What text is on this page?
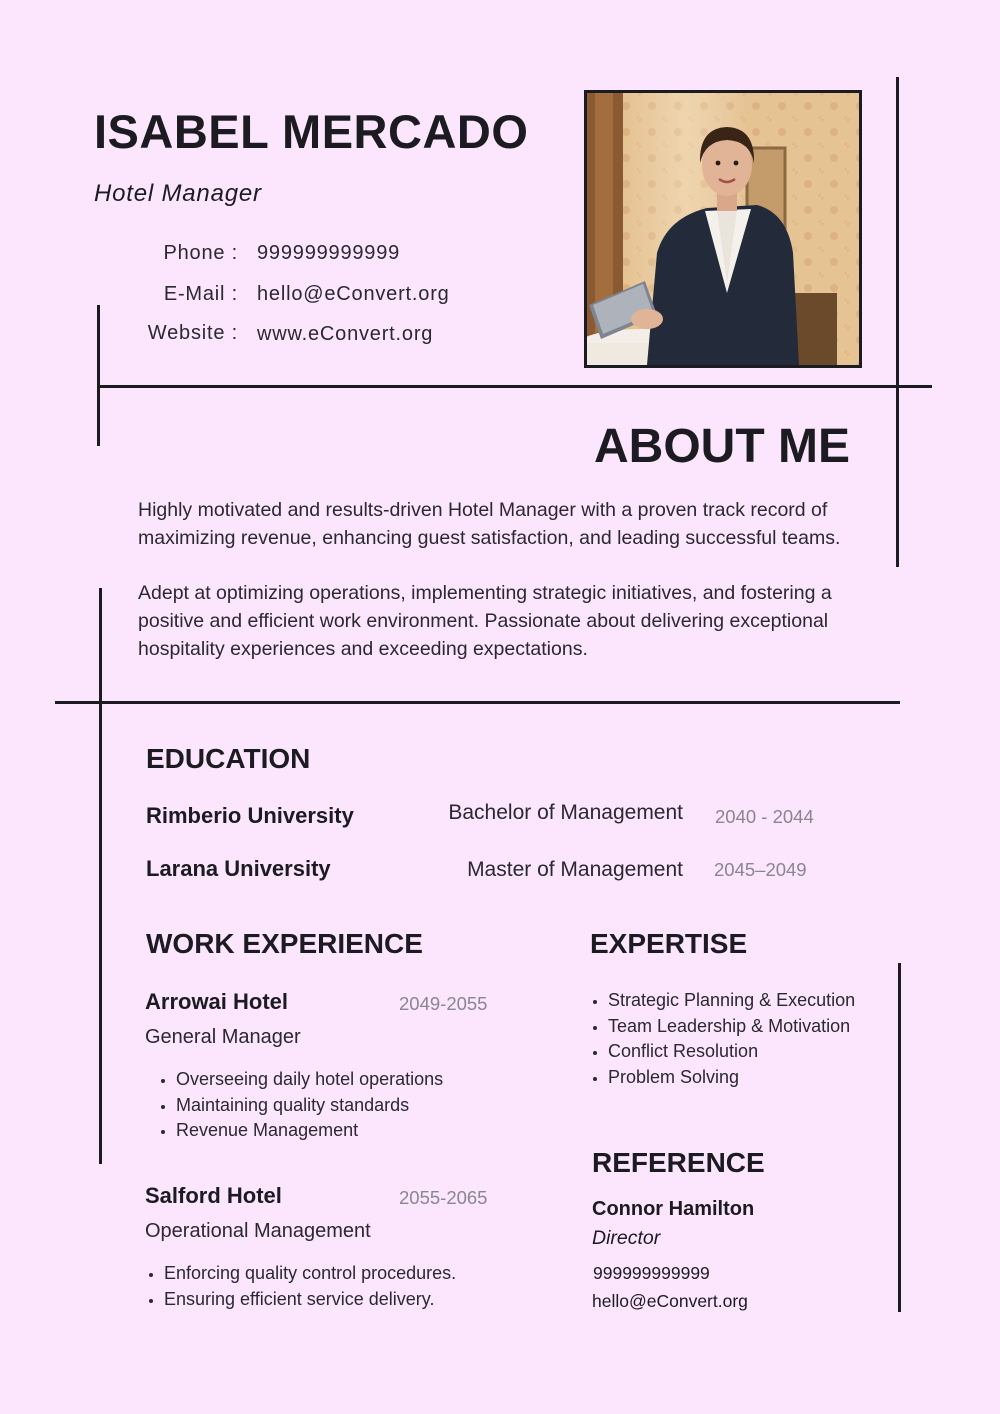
ISABEL MERCADO
Hotel Manager
Phone : 999999999999
E-Mail : hello@eConvert.org
Website : www.eConvert.org
ABOUT ME

Highly motivated and results-driven Hotel Manager with a proven track record of maximizing revenue, enhancing guest satisfaction, and leading successful teams.

Adept at optimizing operations, implementing strategic initiatives, and fostering a positive and efficient work environment. Passionate about delivering exceptional hospitality experiences and exceeding expectations.

EDUCATION
Rimberio University	Bachelor of Management 2040 - 2044
Larana University	Master of Management 2045–2049
WORK EXPERIENCE
Arrowai Hotel	2049-2055
General Manager
• Overseeing daily hotel operations
• Maintaining quality standards
• Revenue Management
Salford Hotel	2055-2065
Operational Management
• Enforcing quality control procedures.
• Ensuring efficient service delivery.
EXPERTISE
• Strategic Planning & Execution
• Team Leadership & Motivation
• Conflict Resolution
• Problem Solving
REFERENCE
Connor Hamilton
Director
999999999999
hello@eConvert.org
